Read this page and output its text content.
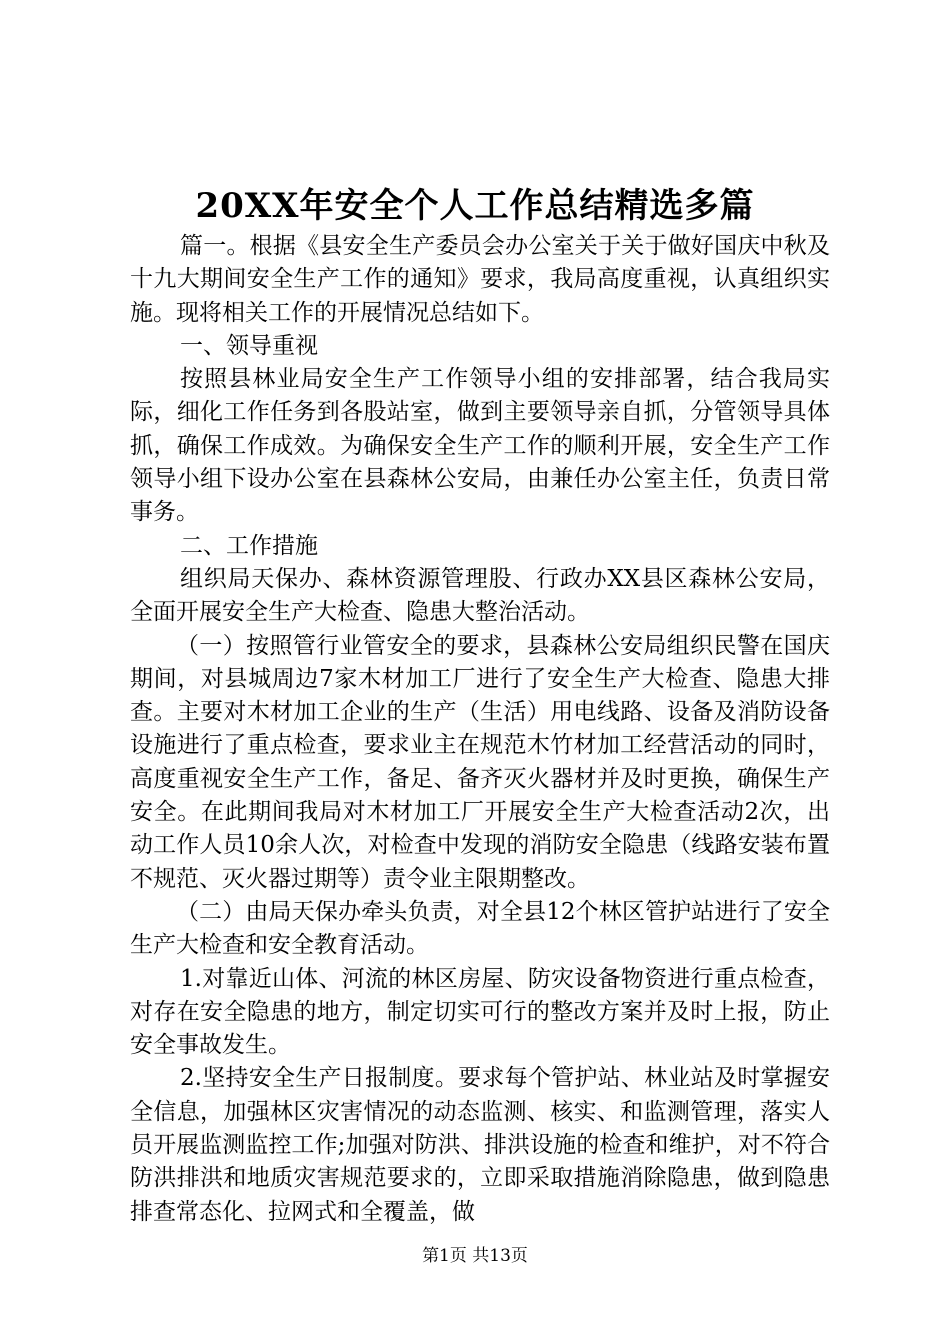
20XX年安全个人工作总结精选多篇

篇一。根据《县安全生产委员会办公室关于关于做好国庆中秋及十九大期间安全生产工作的通知》要求，我局高度重视，认真组织实施。现将相关工作的开展情况总结如下。

一、领导重视

按照县林业局安全生产工作领导小组的安排部署，结合我局实际，细化工作任务到各股站室，做到主要领导亲自抓，分管领导具体抓，确保工作成效。为确保安全生产工作的顺利开展，安全生产工作领导小组下设办公室在县森林公安局，由兼任办公室主任，负责日常事务。

二、工作措施

组织局天保办、森林资源管理股、行政办XX县区森林公安局，全面开展安全生产大检查、隐患大整治活动。

（一）按照管行业管安全的要求，县森林公安局组织民警在国庆期间，对县城周边7家木材加工厂进行了安全生产大检查、隐患大排查。主要对木材加工企业的生产（生活）用电线路、设备及消防设备设施进行了重点检查，要求业主在规范木竹材加工经营活动的同时，高度重视安全生产工作，备足、备齐灭火器材并及时更换，确保生产安全。在此期间我局对木材加工厂开展安全生产大检查活动2次，出动工作人员10余人次，对检查中发现的消防安全隐患（线路安装布置不规范、灭火器过期等）责令业主限期整改。

（二）由局天保办牵头负责，对全县12个林区管护站进行了安全生产大检查和安全教育活动。

1.对靠近山体、河流的林区房屋、防灾设备物资进行重点检查，对存在安全隐患的地方，制定切实可行的整改方案并及时上报，防止安全事故发生。

2.坚持安全生产日报制度。要求每个管护站、林业站及时掌握安全信息，加强林区灾害情况的动态监测、核实、和监测管理，落实人员开展监测监控工作;加强对防洪、排洪设施的检查和维护，对不符合防洪排洪和地质灾害规范要求的，立即采取措施消除隐患，做到隐患排查常态化、拉网式和全覆盖，做

第1页 共13页
